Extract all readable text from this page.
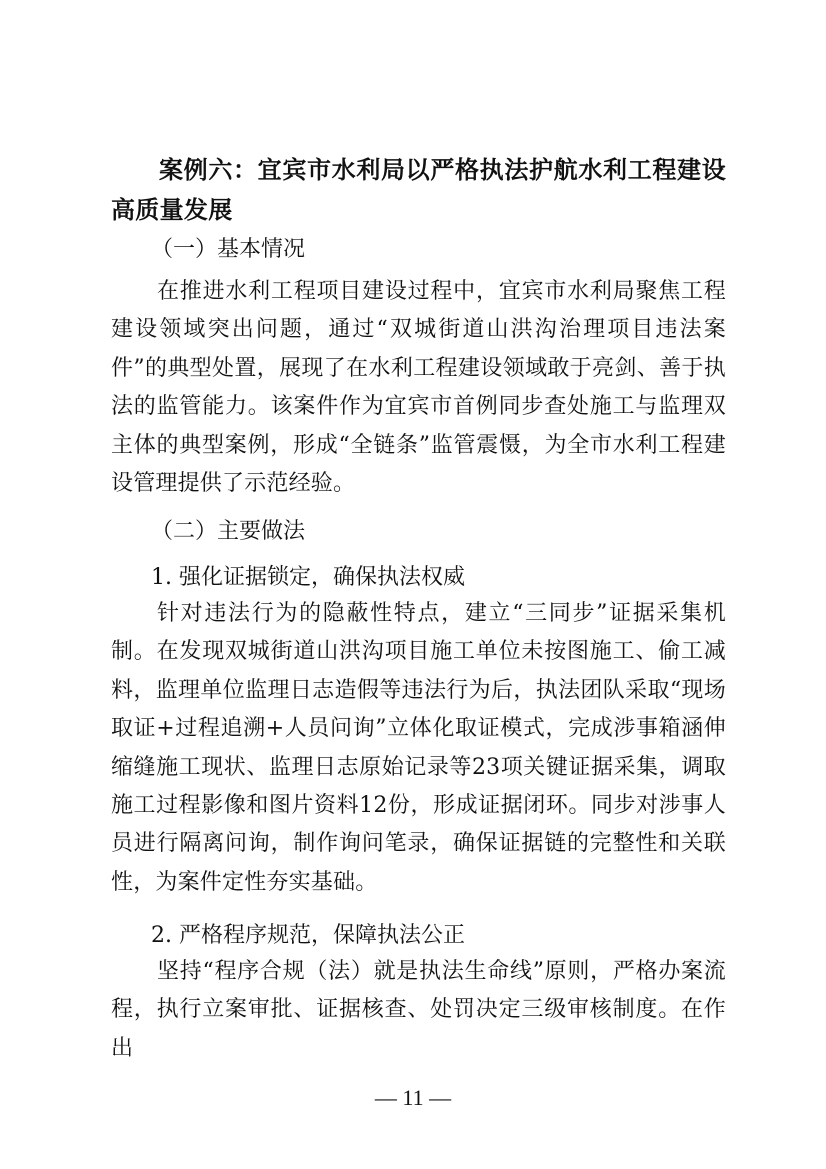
案例六：宜宾市水利局以严格执法护航水利工程建设高质量发展

（一）基本情况

在推进水利工程项目建设过程中，宜宾市水利局聚焦工程建设领域突出问题，通过“双城街道山洪沟治理项目违法案件”的典型处置，展现了在水利工程建设领域敢于亮剑、善于执法的监管能力。该案件作为宜宾市首例同步查处施工与监理双主体的典型案例，形成“全链条”监管震慑，为全市水利工程建设管理提供了示范经验。

（二）主要做法

1. 强化证据锁定，确保执法权威

针对违法行为的隐蔽性特点，建立“三同步”证据采集机制。在发现双城街道山洪沟项目施工单位未按图施工、偷工减料，监理单位监理日志造假等违法行为后，执法团队采取“现场取证+过程追溯+人员问询”立体化取证模式，完成涉事箱涵伸缩缝施工现状、监理日志原始记录等23项关键证据采集，调取施工过程影像和图片资料12份，形成证据闭环。同步对涉事人员进行隔离问询，制作询问笔录，确保证据链的完整性和关联性，为案件定性夯实基础。

2. 严格程序规范，保障执法公正

坚持“程序合规（法）就是执法生命线”原则，严格办案流程，执行立案审批、证据核查、处罚决定三级审核制度。在作出

— 11 —
